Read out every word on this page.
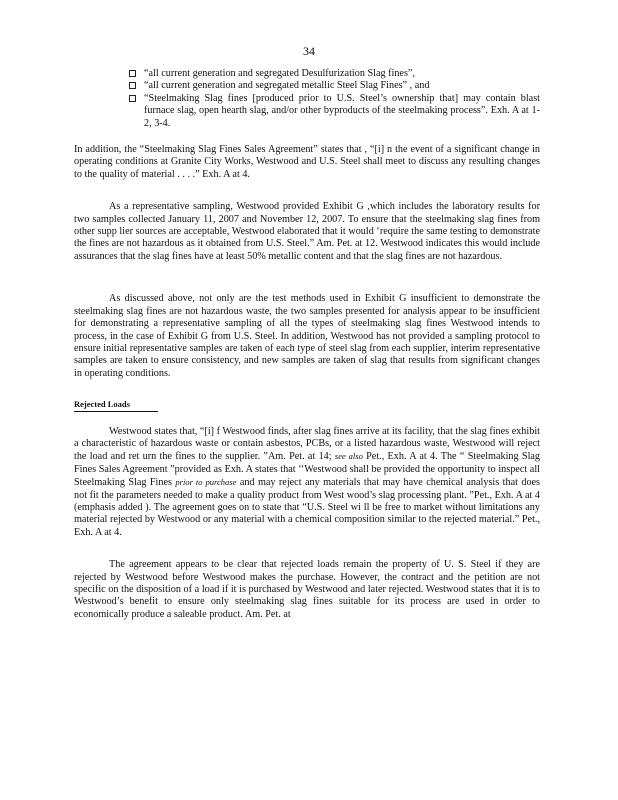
34
“all current generation and segregated Desulfurization Slag fines”,
“all current generation and segregated metallic Steel Slag Fines” , and
“Steelmaking Slag fines [produced prior to U.S. Steel’s ownership that] may contain blast furnace slag, open hearth slag, and/or other byproducts of the steelmaking process”. Exh. A at 1- 2, 3-4.

In addition, the “Steelmaking Slag Fines Sales Agreement” states that , “[i] n the event of a significant change in operating conditions at Granite City Works, Westwood and U.S. Steel shall meet to discuss any resulting changes to the quality of material . . . .” Exh. A at 4.

As a representative sampling, Westwood provided Exhibit G ,which includes the laboratory results for two samples collected January 11, 2007 and November 12, 2007. To ensure that the steelmaking slag fines from other supp lier sources are acceptable, Westwood elaborated that it would ‘require the same testing to demonstrate the fines are not hazardous as it obtained from U.S. Steel.” Am. Pet. at 12. Westwood indicates this would include assurances that the slag fines have at least 50% metallic content and that the slag fines are not hazardous.

As discussed above, not only are the test methods used in Exhibit G insufficient to demonstrate the steelmaking slag fines are not hazardous waste, the two samples presented for analysis appear to be insufficient for demonstrating a representative sampling of all the types of steelmaking slag fines Westwood intends to process, in the case of Exhibit G from U.S. Steel. In addition, Westwood has not provided a sampling protocol to ensure initial representative samples are taken of each type of steel slag from each supplier, interim representative samples are taken to ensure consistency, and new samples are taken of slag that results from significant changes in operating conditions.

Rejected Loads

Westwood states that, “[i] f Westwood finds, after slag fines arrive at its facility, that the slag fines exhibit a characteristic of hazardous waste or contain asbestos, PCBs, or a listed hazardous waste, Westwood will reject the load and ret urn the fines to the supplier. ”Am. Pet. at 14; see also Pet., Exh. A at 4. The “ Steelmaking Slag Fines Sales Agreement ”provided as Exh. A states that ‘‘Westwood shall be provided the opportunity to inspect all Steelmaking Slag Fines prior to purchase and may reject any materials that may have chemical analysis that does not fit the parameters needed to make a quality product from West wood’s slag processing plant. ”Pet., Exh. A at 4 (emphasis added ). The agreement goes on to state that “U.S. Steel wi ll be free to market without limitations any material rejected by Westwood or any material with a chemical composition similar to the rejected material.” Pet., Exh. A at 4.

The agreement appears to be clear that rejected loads remain the property of U. S. Steel if they are rejected by Westwood before Westwood makes the purchase. However, the contract and the petition are not specific on the disposition of a load if it is purchased by Westwood and later rejected. Westwood states that it is to Westwood’s benefit to ensure only steelmaking slag fines suitable for its process are used in order to economically produce a saleable product. Am. Pet. at
